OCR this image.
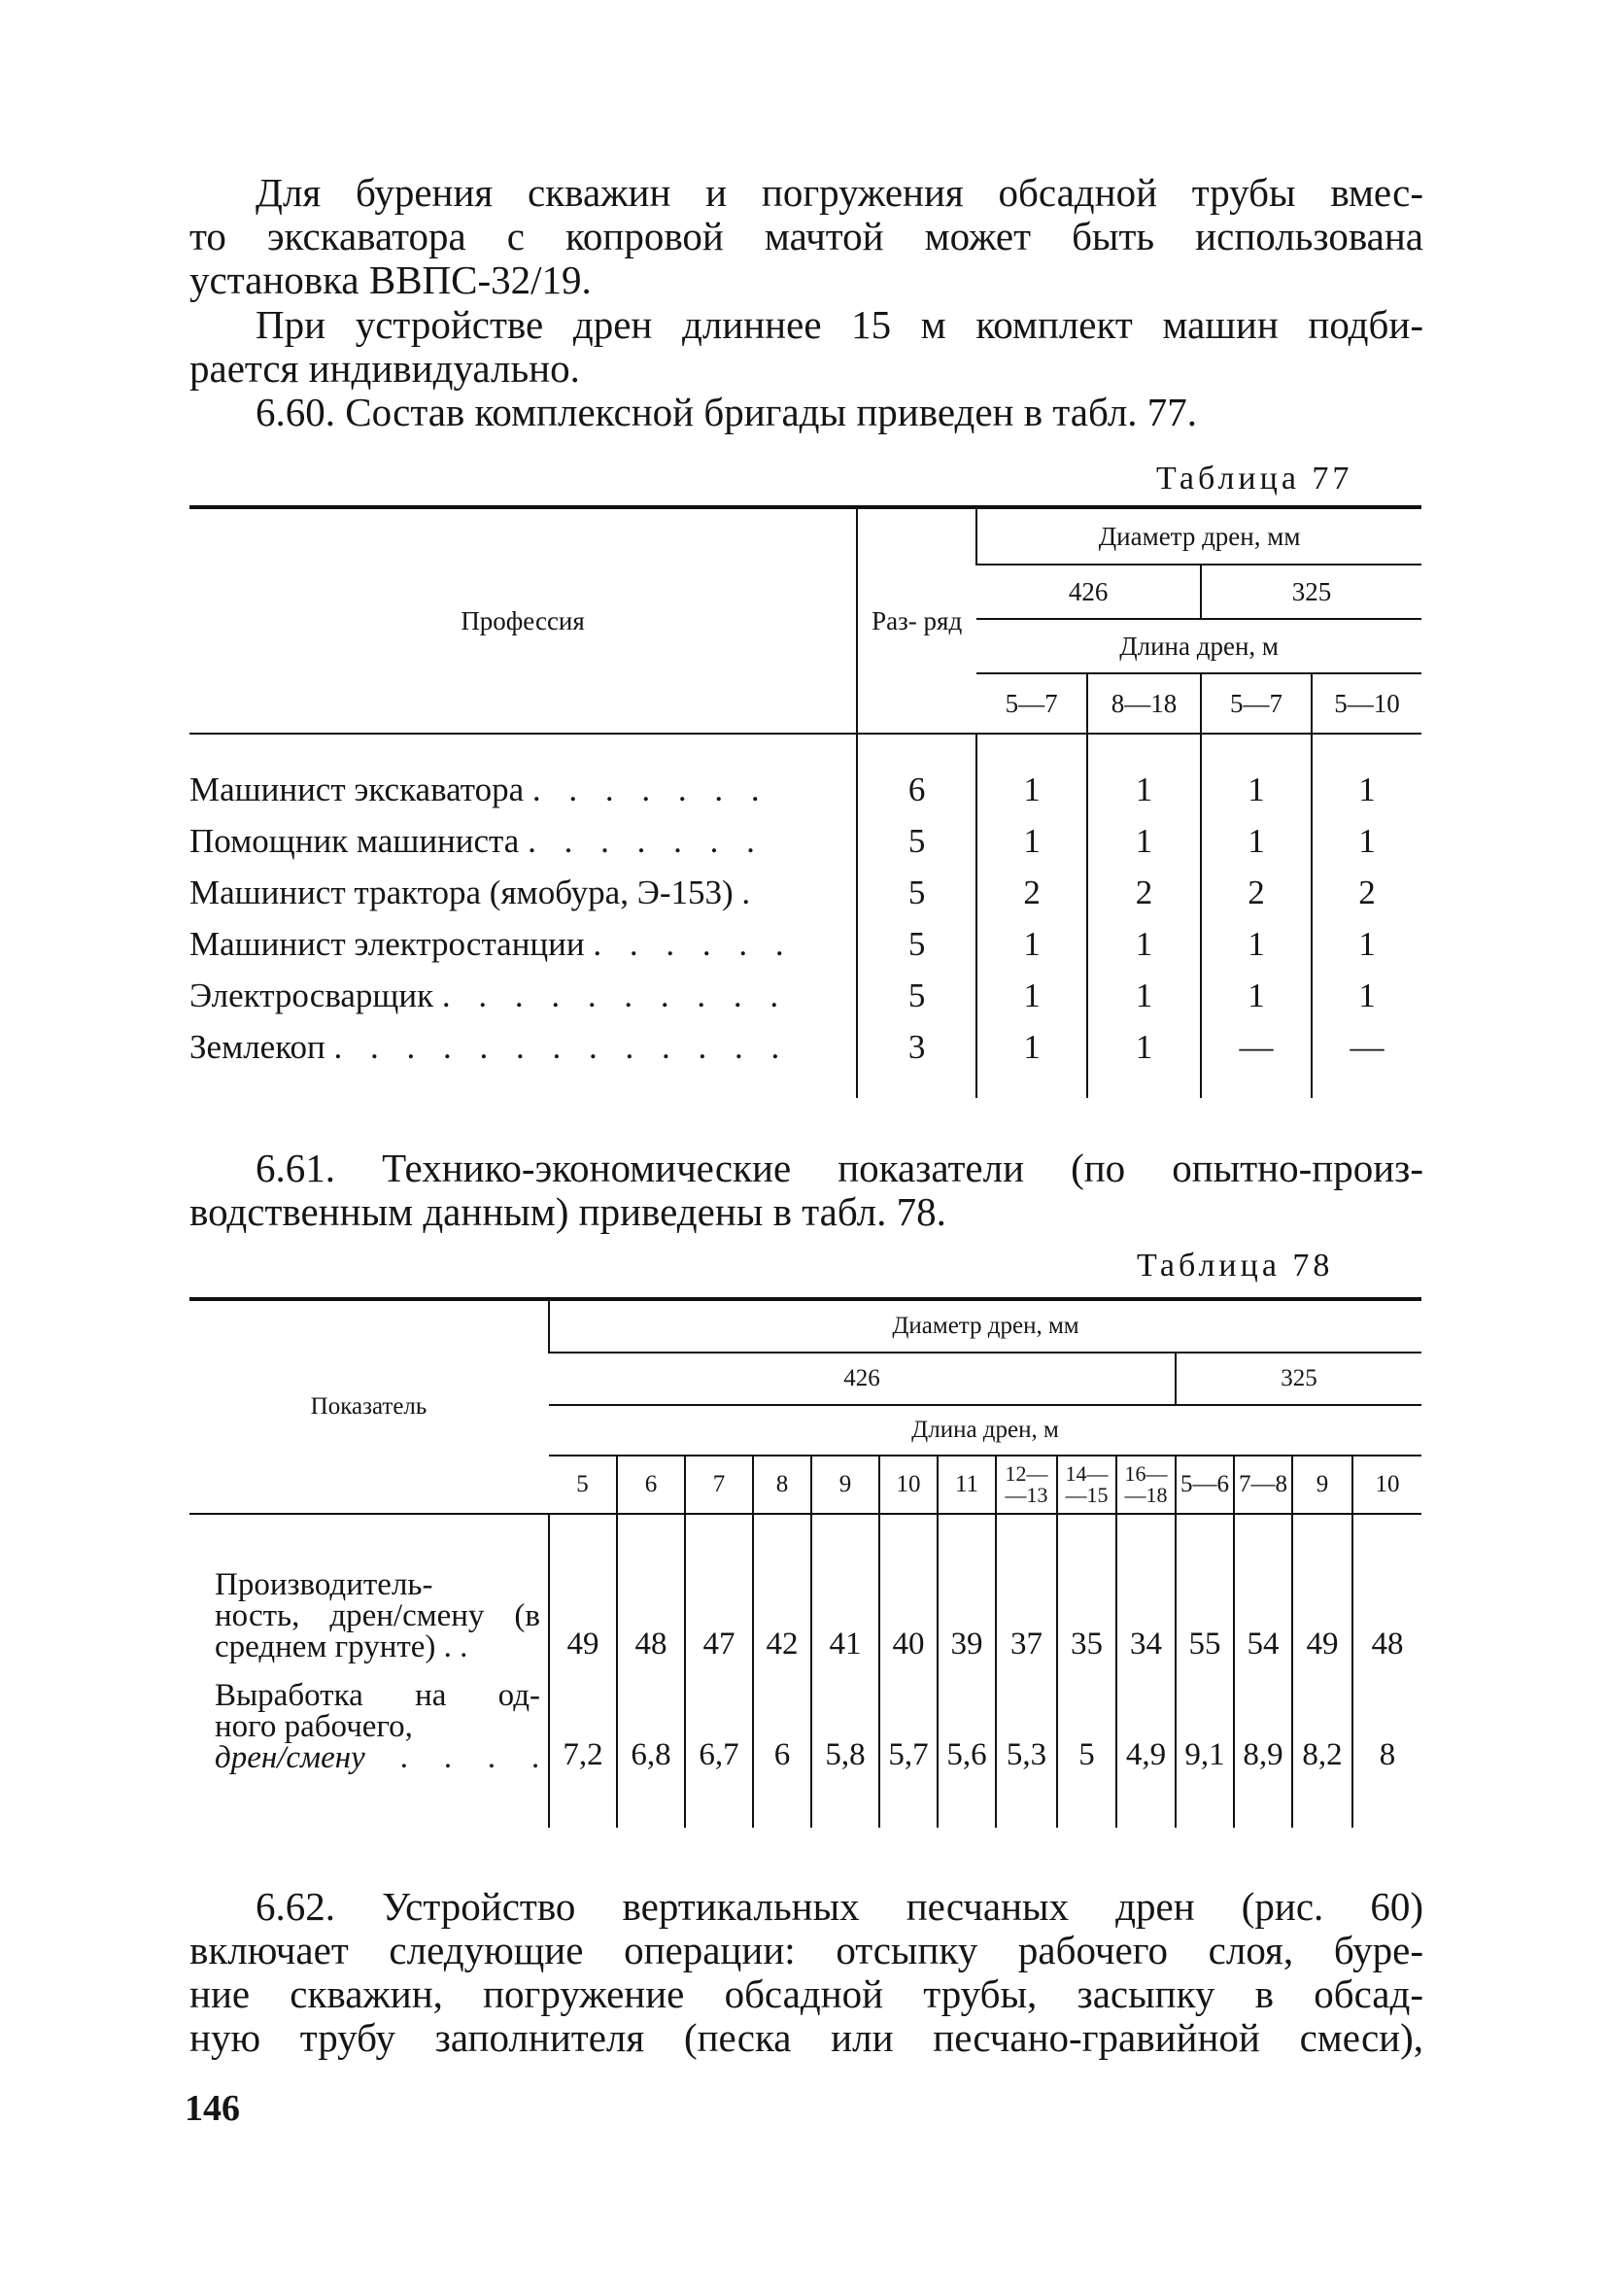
Для бурения скважин и погружения обсадной трубы вмес-
то экскаватора с копровой мачтой может быть использована
установка ВВПС-32/19.
При устройстве дрен длиннее 15 м комплект машин подби-
рается индивидуально.
6.60. Состав комплексной бригады приведен в табл. 77.
Таблица 77
Профессия	Раз- ряд	Диаметр дрен, мм			
		426		325	
		Длина дрен, м			
		5—7	8—18	5—7	5—10
Машинист экскаватора . . . . . . .	6	1	1	1	1
Помощник машиниста . . . . . . .	5	1	1	1	1
Машинист трактора (ямобура, Э-153) .	5	2	2	2	2
Машинист электростанции . . . . . .	5	1	1	1	1
Электросварщик . . . . . . . . . .	5	1	1	1	1
Землекоп . . . . . . . . . . . . .	3	1	1	—	—
6.61. Технико-экономические показатели (по опытно-произ-
водственным данным) приведены в табл. 78.
Таблица 78
Показатель	Диаметр дрен, мм													
	426										325			
	Длина дрен, м													
	5	6	7	8	9	10	11	12—
—13	14—
—15	16—
—18	5—6	7—8	9	10

Производитель-
ность, дрен/смену (в
среднем грунте) . .	49	48	47	42	41	40	39	37	35	34	55	54	49	48

Выработка на од-
ного рабочего,
дрен/смену . . . .	7,2	6,8	6,7	6	5,8	5,7	5,6	5,3	5	4,9	9,1	8,9	8,2	8
6.62. Устройство вертикальных песчаных дрен (рис. 60)
включает следующие операции: отсыпку рабочего слоя, буре-
ние скважин, погружение обсадной трубы, засыпку в обсад-
ную трубу заполнителя (песка или песчано-гравийной смеси),
146
